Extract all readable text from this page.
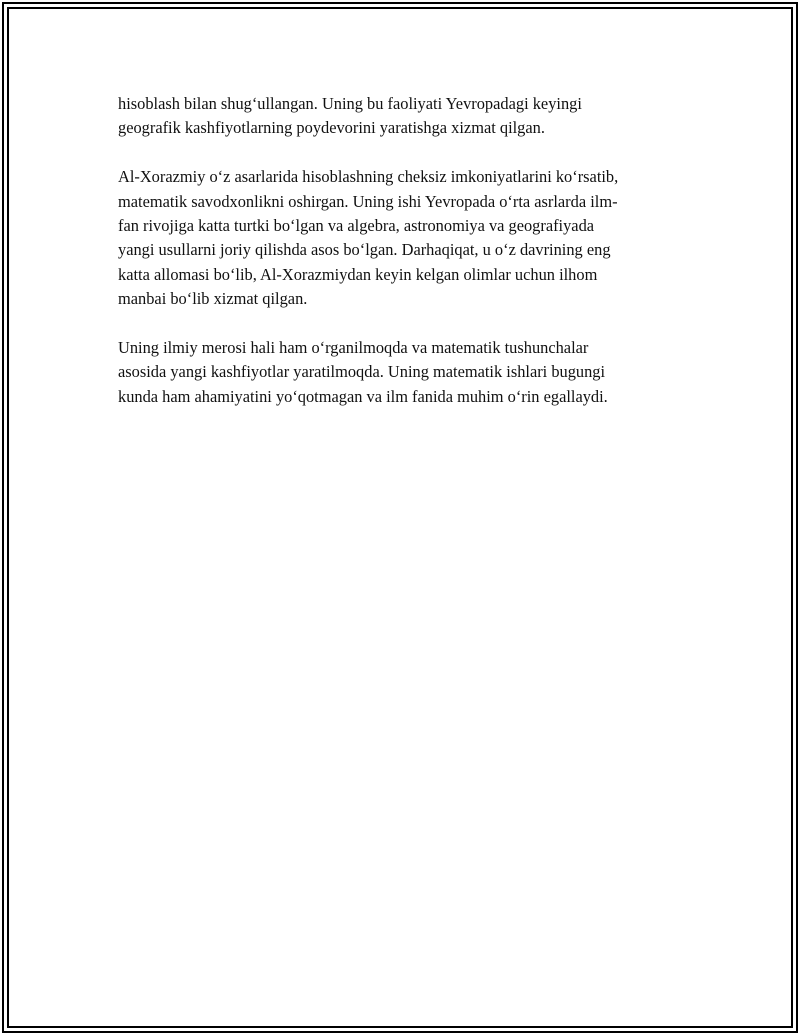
hisoblash bilan shug‘ullangan. Uning bu faoliyati Yevropadagi keyingi
geografik kashfiyotlarning poydevorini yaratishga xizmat qilgan.

Al-Xorazmiy o‘z asarlarida hisoblashning cheksiz imkoniyatlarini ko‘rsatib,
matematik savodxonlikni oshirgan. Uning ishi Yevropada o‘rta asrlarda ilm-
fan rivojiga katta turtki bo‘lgan va algebra, astronomiya va geografiyada
yangi usullarni joriy qilishda asos bo‘lgan. Darhaqiqat, u o‘z davrining eng
katta allomasi bo‘lib, Al-Xorazmiydan keyin kelgan olimlar uchun ilhom
manbai bo‘lib xizmat qilgan.

Uning ilmiy merosi hali ham o‘rganilmoqda va matematik tushunchalar
asosida yangi kashfiyotlar yaratilmoqda. Uning matematik ishlari bugungi
kunda ham ahamiyatini yo‘qotmagan va ilm fanida muhim o‘rin egallaydi.
